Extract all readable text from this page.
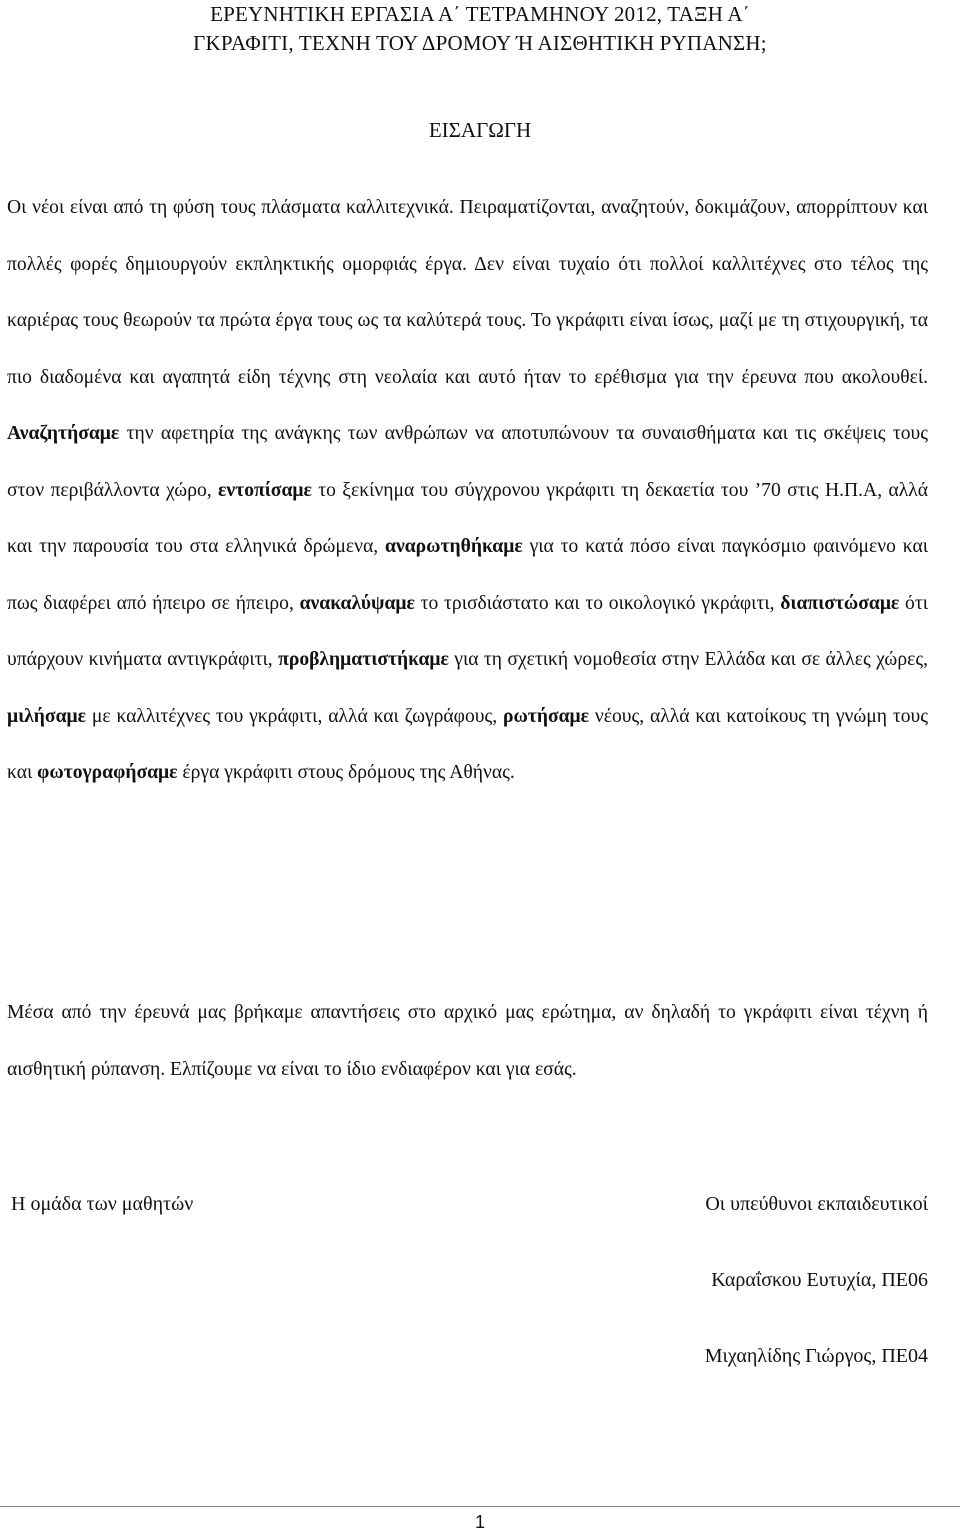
ΕΡΕΥΝΗΤΙΚΗ ΕΡΓΑΣΙΑ Α΄ ΤΕΤΡΑΜΗΝΟΥ 2012, ΤΑΞΗ Α΄
ΓΚΡΑΦΙΤΙ, ΤΕΧΝΗ ΤΟΥ ΔΡΟΜΟΥ Ή ΑΙΣΘΗΤΙΚΗ ΡΥΠΑΝΣΗ;
ΕΙΣΑΓΩΓΗ

Οι νέοι είναι από τη φύση τους πλάσματα καλλιτεχνικά. Πειραματίζονται, αναζητούν, δοκιμάζουν, απορρίπτουν και πολλές φορές δημιουργούν εκπληκτικής ομορφιάς έργα. Δεν είναι τυχαίο ότι πολλοί καλλιτέχνες στο τέλος της καριέρας τους θεωρούν τα πρώτα έργα τους ως τα καλύτερά τους. Το γκράφιτι είναι ίσως, μαζί με τη στιχουργική, τα πιο διαδομένα και αγαπητά είδη τέχνης στη νεολαία και αυτό ήταν το ερέθισμα για την έρευνα που ακολουθεί. Αναζητήσαμε την αφετηρία της ανάγκης των ανθρώπων να αποτυπώνουν τα συναισθήματα και τις σκέψεις τους στον περιβάλλοντα χώρο, εντοπίσαμε το ξεκίνημα του σύγχρονου γκράφιτι τη δεκαετία του ’70 στις Η.Π.Α, αλλά και την παρουσία του στα ελληνικά δρώμενα, αναρωτηθήκαμε για το κατά πόσο είναι παγκόσμιο φαινόμενο και πως διαφέρει από ήπειρο σε ήπειρο, ανακαλύψαμε το τρισδιάστατο και το οικολογικό γκράφιτι, διαπιστώσαμε ότι υπάρχουν κινήματα αντιγκράφιτι, προβληματιστήκαμε για τη σχετική νομοθεσία στην Ελλάδα και σε άλλες χώρες, μιλήσαμε με καλλιτέχνες του γκράφιτι, αλλά και ζωγράφους, ρωτήσαμε νέους, αλλά και κατοίκους τη γνώμη τους και φωτογραφήσαμε έργα γκράφιτι στους δρόμους της Αθήνας.

Μέσα από την έρευνά μας βρήκαμε απαντήσεις στο αρχικό μας ερώτημα, αν δηλαδή το γκράφιτι είναι τέχνη ή αισθητική ρύπανση. Ελπίζουμε να είναι το ίδιο ενδιαφέρον και για εσάς.

Η ομάδα των μαθητών	Οι υπεύθυνοι εκπαιδευτικοί
Καραΐσκου Ευτυχία, ΠΕ06
Μιχαηλίδης Γιώργος, ΠΕ04
1
